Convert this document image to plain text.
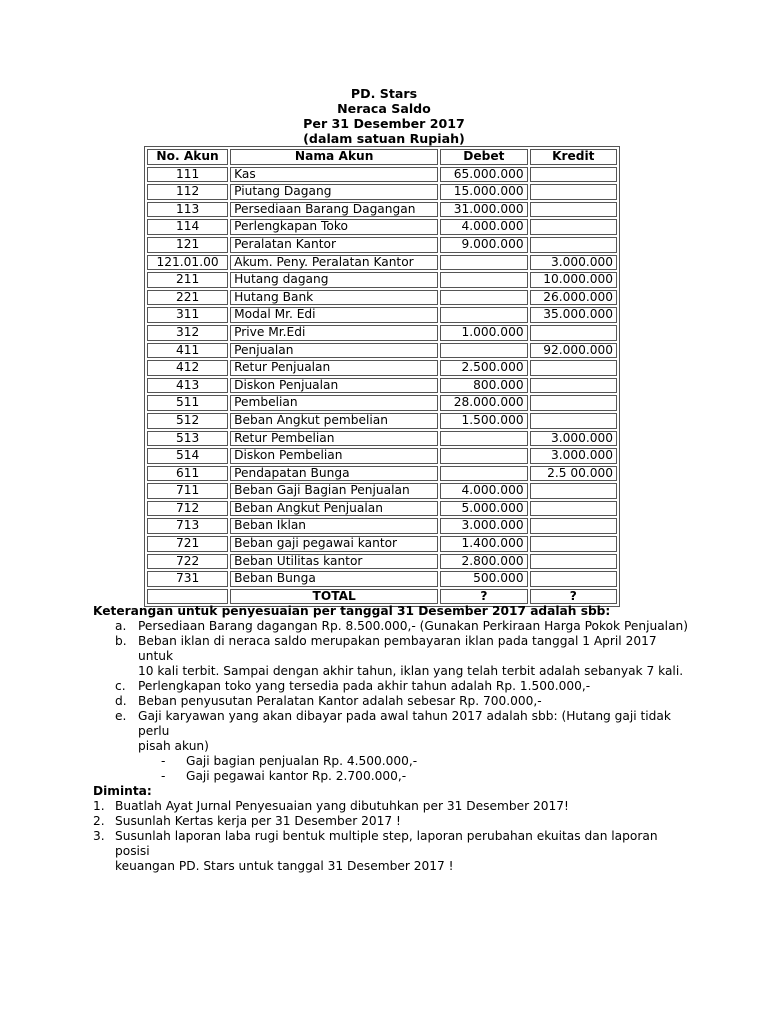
PD. Stars
Neraca Saldo
Per 31 Desember 2017
(dalam satuan Rupiah)
No. Akun	Nama Akun	Debet	Kredit
111	Kas	65.000.000	
112	Piutang Dagang	15.000.000	
113	Persediaan Barang Dagangan	31.000.000	
114	Perlengkapan Toko	4.000.000	
121	Peralatan Kantor	9.000.000	
121.01.00	Akum. Peny. Peralatan Kantor		3.000.000
211	Hutang dagang		10.000.000
221	Hutang Bank		26.000.000
311	Modal Mr. Edi		35.000.000
312	Prive Mr.Edi	1.000.000	
411	Penjualan		92.000.000
412	Retur Penjualan	2.500.000	
413	Diskon Penjualan	800.000	
511	Pembelian	28.000.000	
512	Beban Angkut pembelian	1.500.000	
513	Retur Pembelian		3.000.000
514	Diskon Pembelian		3.000.000
611	Pendapatan Bunga		2.5 00.000
711	Beban Gaji Bagian Penjualan	4.000.000	
712	Beban Angkut Penjualan	5.000.000	
713	Beban Iklan	3.000.000	
721	Beban gaji pegawai kantor	1.400.000	
722	Beban Utilitas kantor	2.800.000	
731	Beban Bunga	500.000	
	TOTAL	?	?
Keterangan untuk penyesuaian per tanggal 31 Desember 2017 adalah sbb:
a. Persediaan Barang dagangan Rp. 8.500.000,- (Gunakan Perkiraan Harga Pokok Penjualan)
b. Beban iklan di neraca saldo merupakan pembayaran iklan pada tanggal 1 April 2017 untuk
10 kali terbit. Sampai dengan akhir tahun, iklan yang telah terbit adalah sebanyak 7 kali.
c. Perlengkapan toko yang tersedia pada akhir tahun adalah Rp. 1.500.000,-
d. Beban penyusutan Peralatan Kantor adalah sebesar Rp. 700.000,-
e. Gaji karyawan yang akan dibayar pada awal tahun 2017 adalah sbb: (Hutang gaji tidak perlu
pisah akun)
- Gaji bagian penjualan Rp. 4.500.000,-
- Gaji pegawai kantor Rp. 2.700.000,-
Diminta:
1. Buatlah Ayat Jurnal Penyesuaian yang dibutuhkan per 31 Desember 2017!
2. Susunlah Kertas kerja per 31 Desember 2017 !
3. Susunlah laporan laba rugi bentuk multiple step, laporan perubahan ekuitas dan laporan posisi
keuangan PD. Stars untuk tanggal 31 Desember 2017 !
